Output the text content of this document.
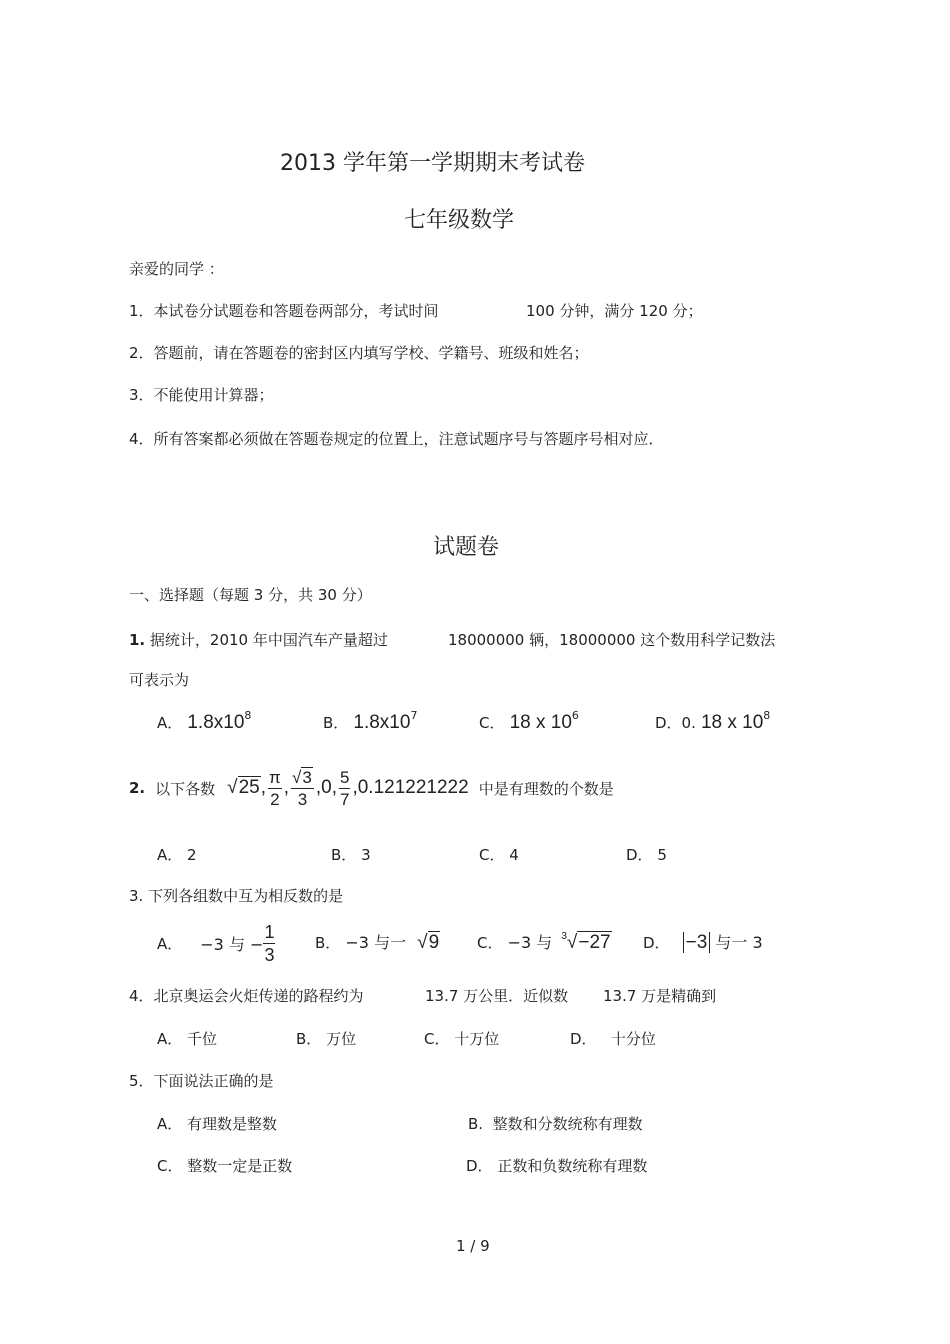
2013 学年第一学期期末考试卷
七年级数学
亲爱的同学 ：
1．本试卷分试题卷和答题卷两部分，考试时间	100 分钟，满分 120 分；
2．答题前，请在答题卷的密封区内填写学校、学籍号、班级和姓名；
3．不能使用计算器；
4．所有答案都必须做在答题卷规定的位置上，注意试题序号与答题序号相对应．
试题卷
一、选择题（每题 3 分，共 30 分）
1. 据统计，2010 年中国汽车产量超过	18000000 辆，18000000 这个数用科学记数法
可表示为
A． $1.8x10^8$	B． $1.8x10^7$	C． 18 x $10^6$	D．0. 18 x $10^8$
2. 以下各数 √25, $\frac{\pi}{2}$ , $\frac{√3}{3}$ , 0 , $\frac{5}{7}$ , 0.121221222 中是有理数的个数是
A． 2	B． 3	C． 4	D． 5
3. 下列各组数中互为相反数的是
A． −3 与 − $\frac{1}{3}$	B． −3 与一 √9	C． −3 与 $^3$√−27 D． −3 与一 3
4．北京奥运会火炬传递的路程约为	13.7 万公里．近似数 13.7 万是精确到
A． 千位	B． 万位	C． 十万位	D． 十分位
5．下面说法正确的是
A． 有理数是整数	B. 整数和分数统称有理数
C． 整数一定是正数	D． 正数和负数统称有理数
1 / 9
